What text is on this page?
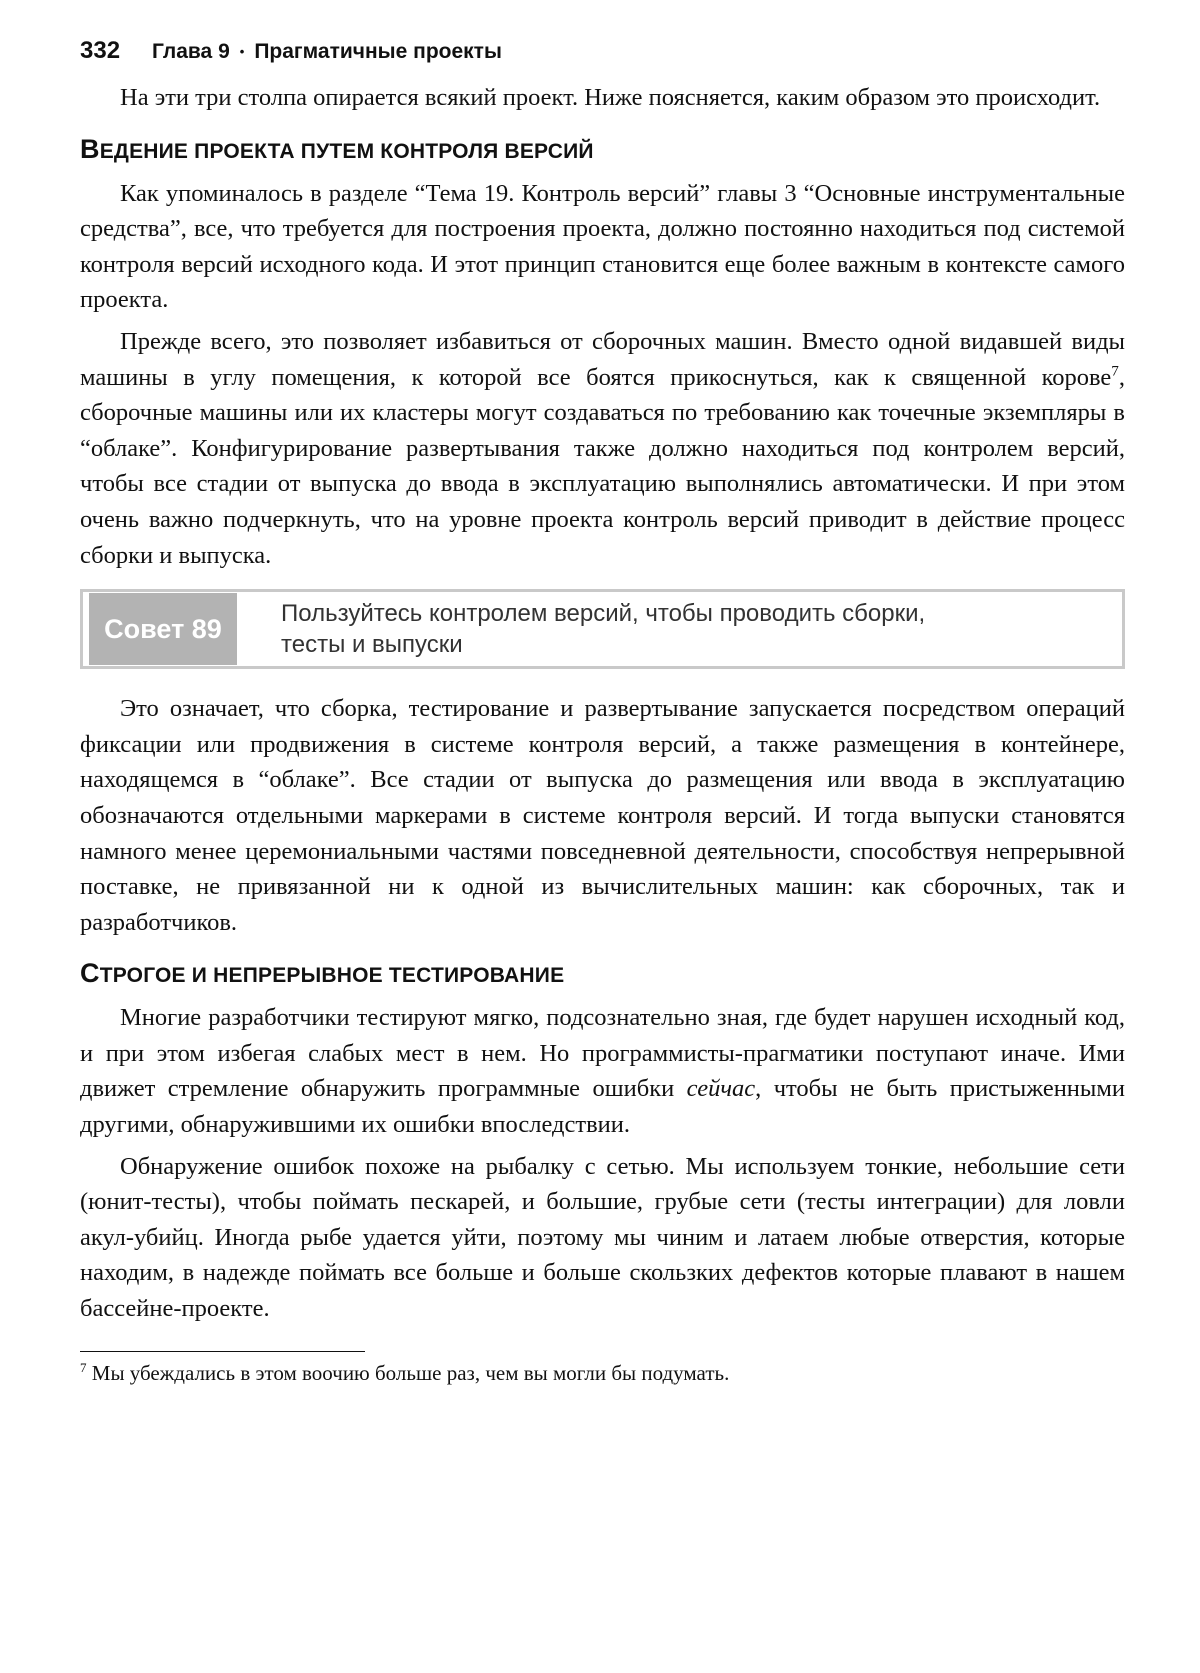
332 Глава 9 • Прагматичные проекты

На эти три столпа опирается всякий проект. Ниже поясняется, каким образом это происходит.

ВЕДЕНИЕ ПРОЕКТА ПУТЕМ КОНТРОЛЯ ВЕРСИЙ

Как упоминалось в разделе “Тема 19. Контроль версий” главы 3 “Основные инструментальные средства”, все, что требуется для построения проекта, должно постоянно находиться под системой контроля версий исходного кода. И этот принцип становится еще более важным в контексте самого проекта.

Прежде всего, это позволяет избавиться от сборочных машин. Вместо одной видавшей виды машины в углу помещения, к которой все боятся прикоснуться, как к священной корове$^7$, сборочные машины или их кластеры могут создаваться по требованию как точечные экземпляры в “облаке”. Конфигурирование развертывания также должно находиться под контролем версий, чтобы все стадии от выпуска до ввода в эксплуатацию выполнялись автоматически. И при этом очень важно подчеркнуть, что на уровне проекта контроль версий приводит в действие процесс сборки и выпуска.

Совет 89	Пользуйтесь контролем версий, чтобы проводить сборки,
тесты и выпуски

Это означает, что сборка, тестирование и развертывание запускается посредством операций фиксации или продвижения в системе контроля версий, а также размещения в контейнере, находящемся в “облаке”. Все стадии от выпуска до размещения или ввода в эксплуатацию обозначаются отдельными маркерами в системе контроля версий. И тогда выпуски становятся намного менее церемониальными частями повседневной деятельности, способствуя непрерывной поставке, не привязанной ни к одной из вычислительных машин: как сборочных, так и разработчиков.

СТРОГОЕ И НЕПРЕРЫВНОЕ ТЕСТИРОВАНИЕ

Многие разработчики тестируют мягко, подсознательно зная, где будет нарушен исходный код, и при этом избегая слабых мест в нем. Но программисты-прагматики поступают иначе. Ими движет стремление обнаружить программные ошибки сейчас, чтобы не быть пристыженными другими, обнаружившими их ошибки впоследствии.

Обнаружение ошибок похоже на рыбалку с сетью. Мы используем тонкие, небольшие сети (юнит-тесты), чтобы поймать пескарей, и большие, грубые сети (тесты интеграции) для ловли акул-убийц. Иногда рыбе удается уйти, поэтому мы чиним и латаем любые отверстия, которые находим, в надежде поймать все больше и больше скользких дефектов которые плавают в нашем бассейне-проекте.

$^7$ Мы убеждались в этом воочию больше раз, чем вы могли бы подумать.
